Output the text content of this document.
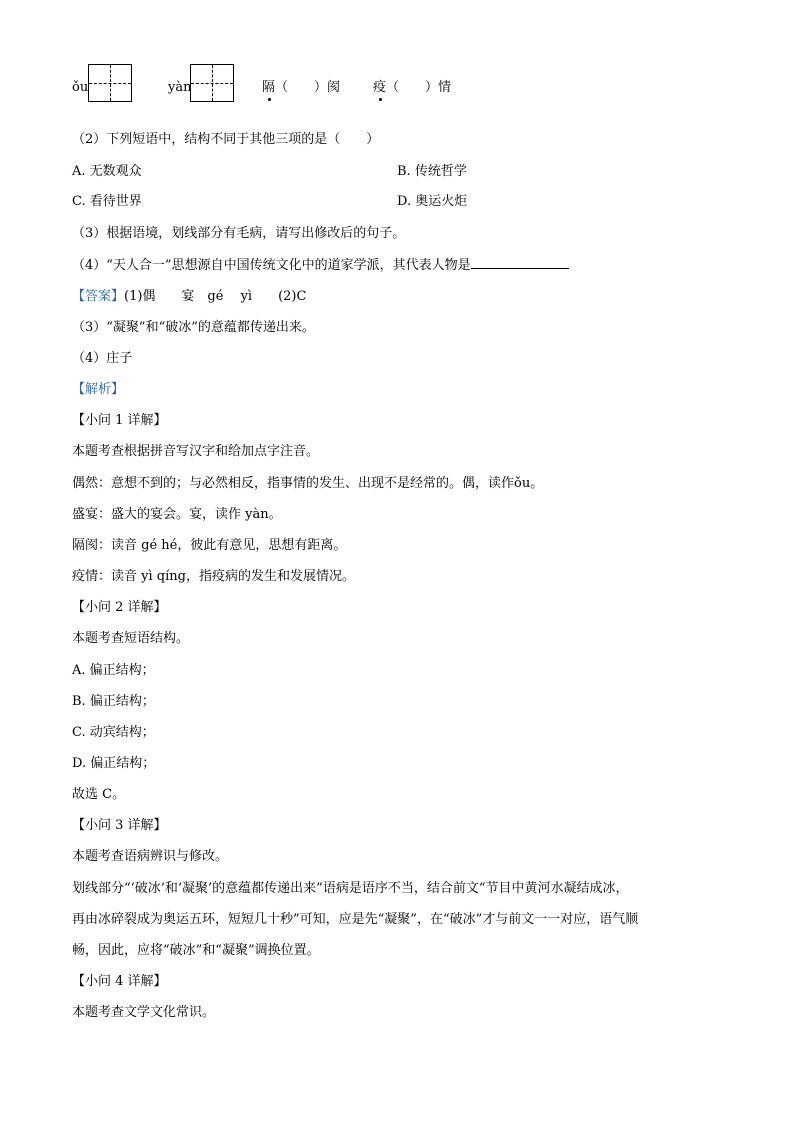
ǒu	yàn	隔（　　）阂	疫（　　）情
（2）下列短语中，结构不同于其他三项的是（　　）
A. 无数观众	B. 传统哲学
C. 看待世界	D. 奥运火炬
（3）根据语境，划线部分有毛病，请写出修改后的句子。
（4）“天人合一”思想源自中国传统文化中的道家学派，其代表人物是
【答案】(1)偶　　宴　gé　 yì　　(2)C
（3）“凝聚”和“破冰”的意蕴都传递出来。
（4）庄子
【解析】
【小问 1 详解】
本题考查根据拼音写汉字和给加点字注音。
偶然：意想不到的；与必然相反，指事情的发生、出现不是经常的。偶，读作ǒu。
盛宴：盛大的宴会。宴，读作 yàn。
隔阂：读音 gé hé，彼此有意见，思想有距离。
疫情：读音 yì qíng，指疫病的发生和发展情况。
【小问 2 详解】
本题考查短语结构。
A. 偏正结构；
B. 偏正结构；
C. 动宾结构；
D. 偏正结构；
故选 C。
【小问 3 详解】
本题考查语病辨识与修改。
划线部分“‘破冰’和‘凝聚’的意蕴都传递出来”语病是语序不当，结合前文“节目中黄河水凝结成冰，
再由冰碎裂成为奥运五环，短短几十秒”可知，应是先“凝聚”，在“破冰”才与前文一一对应，语气顺
畅，因此，应将“破冰”和“凝聚”调换位置。
【小问 4 详解】
本题考查文学文化常识。
